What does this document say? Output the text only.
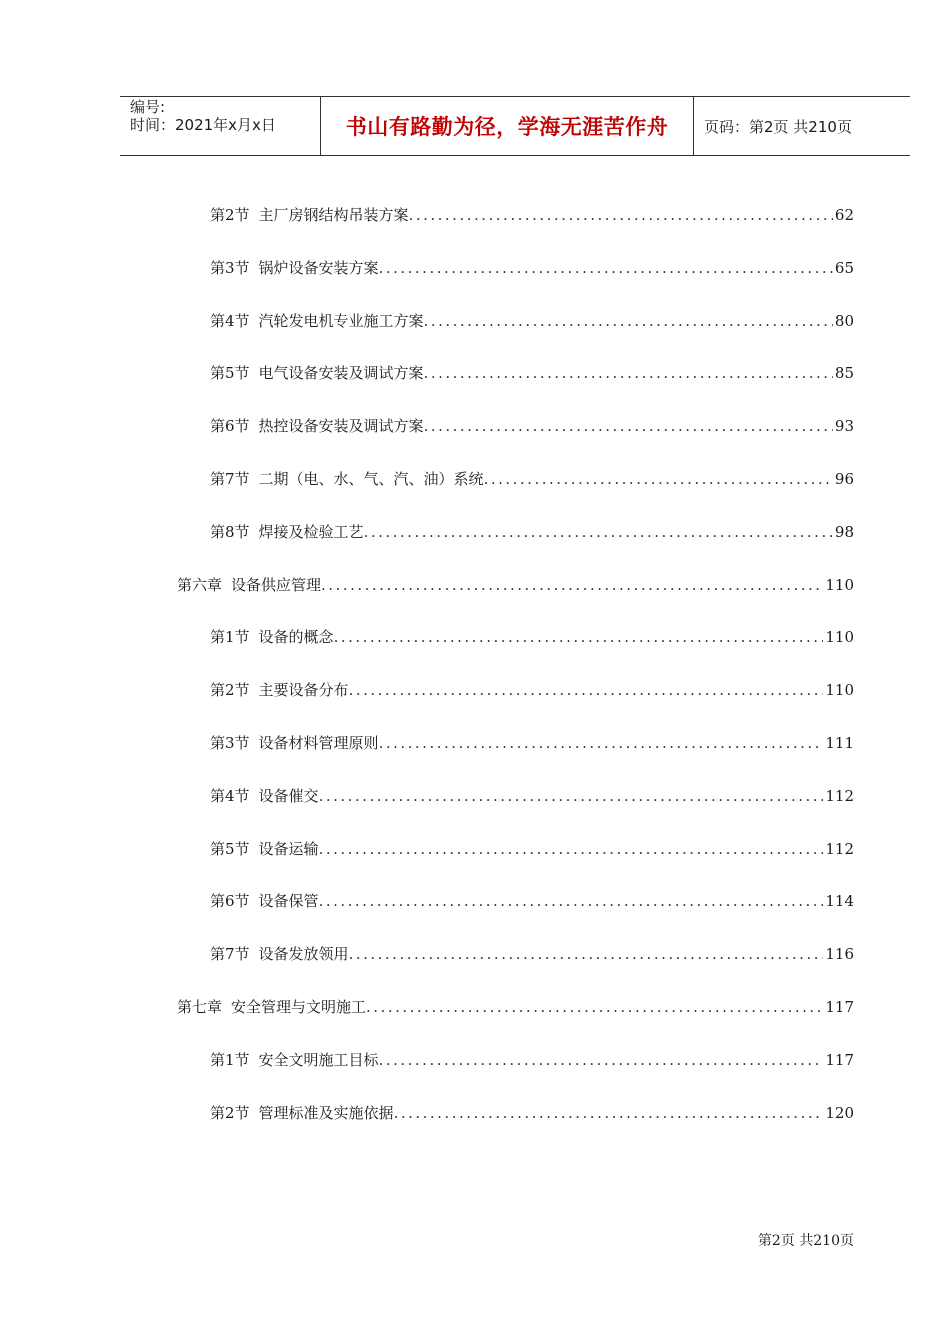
编号:
时间：2021年x月x日	书山有路勤为径，学海无涯苦作舟	页码：第2页 共210页
第2节 主厂房钢结构吊装方案 .....	62
第3节 锅炉设备安装方案 .....	65
第4节 汽轮发电机专业施工方案 .....	80
第5节 电气设备安装及调试方案 .....	85
第6节 热控设备安装及调试方案 .....	93
第7节 二期（电、水、气、汽、油）系统 .....	96
第8节 焊接及检验工艺 .....	98
第六章 设备供应管理 .....	110
第1节 设备的概念 .....	110
第2节 主要设备分布 .....	110
第3节 设备材料管理原则 .....	111
第4节 设备催交 .....	112
第5节 设备运输 .....	112
第6节 设备保管 .....	114
第7节 设备发放领用 .....	116
第七章 安全管理与文明施工 .....	117
第1节 安全文明施工目标 .....	117
第2节 管理标准及实施依据 .....	120
第2页 共210页
